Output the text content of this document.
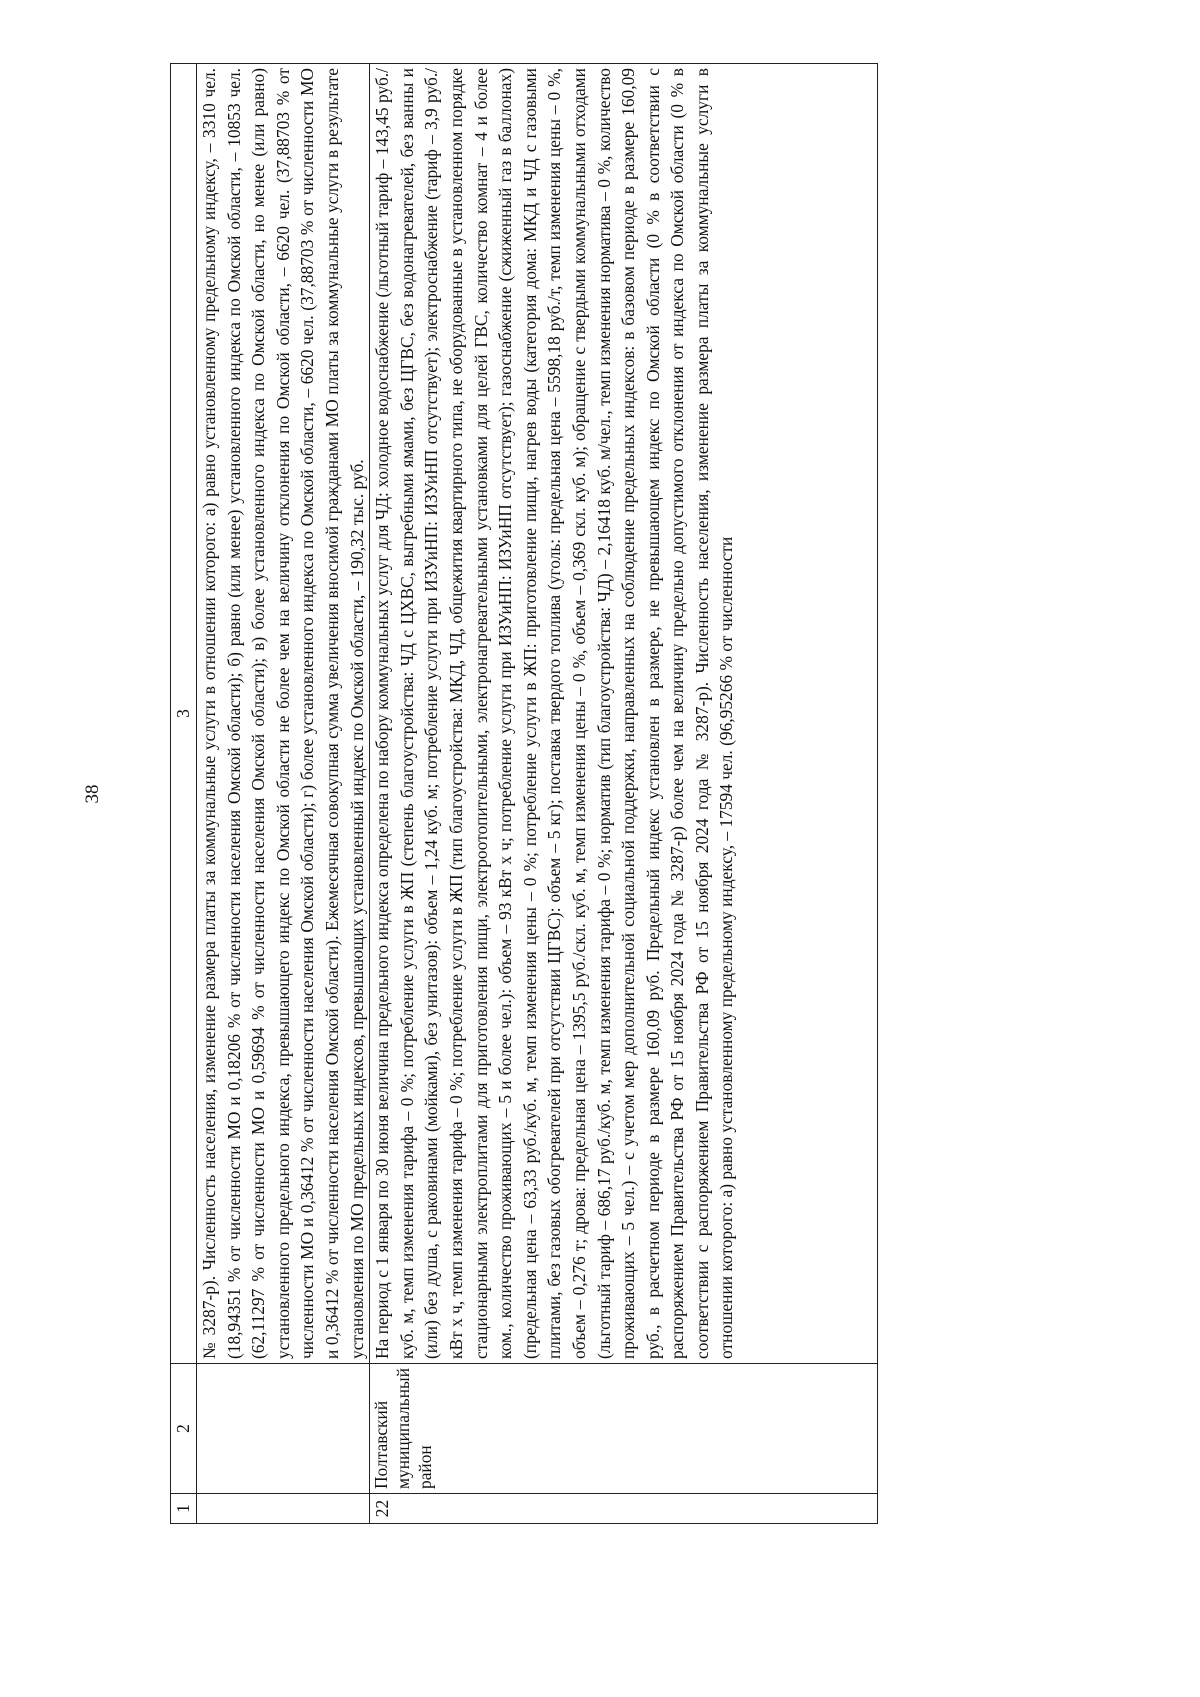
38
1	2	3

		№ 3287-р). Численность населения, изменение размера платы за коммунальные услуги в отношении которого: а) равно установленному предельному индексу, – 3310 чел. (18,94351 % от численности МО и 0,18206 % от численности населения Омской области); б) равно (или менее) установленного индекса по Омской области, – 10853 чел. (62,11297 % от численности МО и 0,59694 % от численности населения Омской области); в) более установленного индекса по Омской области, но менее (или равно) установленного предельного индекса, превышающего индекс по Омской области не более чем на величину отклонения по Омской области, – 6620 чел. (37,88703 % от численности МО и 0,36412 % от численности населения Омской области); г) более установленного индекса по Омской области, – 6620 чел. (37,88703 % от численности МО и 0,36412 % от численности населения Омской области). Ежемесячная совокупная сумма увеличения вносимой гражданами МО платы за коммунальные услуги в результате установления по МО предельных индексов, превышающих установленный индекс по Омской области, – 190,32 тыс. руб.

22	Полтавский муниципальный район	На период с 1 января по 30 июня величина предельного индекса определена по набору коммунальных услуг для ЧД: холодное водоснабжение (льготный тариф – 143,45 руб./куб. м, темп изменения тарифа – 0 %; потребление услуги в ЖП (степень благоустройства: ЧД с ЦХВС, выгребными ямами, без ЦГВС, без водонагревателей, без ванны и (или) без душа, с раковинами (мойками), без унитазов): объем – 1,24 куб. м; потребление услуги при ИЗУиНП: ИЗУиНП отсутствует); электроснабжение (тариф – 3,9 руб./кВт х ч, темп изменения тарифа – 0 %; потребление услуги в ЖП (тип благоустройства: МКД, ЧД, общежития квартирного типа, не оборудованные в установленном порядке стационарными электроплитами для приготовления пищи, электроотопительными, электронагревательными установками для целей ГВС, количество комнат – 4 и более ком., количество проживающих – 5 и более чел.): объем – 93 кВт х ч; потребление услуги при ИЗУиНП: ИЗУиНП отсутствует); газоснабжение (сжиженный газ в баллонах) (предельная цена – 63,33 руб./куб. м, темп изменения цены – 0 %; потребление услуги в ЖП: приготовление пищи, нагрев воды (категория дома: МКД и ЧД с газовыми плитами, без газовых обогревателей при отсутствии ЦГВС): объем – 5 кг); поставка твердого топлива (уголь: предельная цена – 5598,18 руб./т, темп изменения цены – 0 %, объем – 0,276 т; дрова: предельная цена – 1395,5 руб./скл. куб. м, темп изменения цены – 0 %, объем – 0,369 скл. куб. м); обращение с твердыми коммунальными отходами (льготный тариф – 686,17 руб./куб. м, темп изменения тарифа – 0 %; норматив (тип благоустройства: ЧД) – 2,16418 куб. м/чел., темп изменения норматива – 0 %, количество проживающих – 5 чел.) – с учетом мер дополнительной социальной поддержки, направленных на соблюдение предельных индексов: в базовом периоде в размере 160,09 руб., в расчетном периоде в размере 160,09 руб. Предельный индекс установлен в размере, не превышающем индекс по Омской области (0 % в соответствии с распоряжением Правительства РФ от 15 ноября 2024 года № 3287-р) более чем на величину предельно допустимого отклонения от индекса по Омской области (0 % в соответствии с распоряжением Правительства РФ от 15 ноября 2024 года № 3287-р). Численность населения, изменение размера платы за коммунальные услуги в отношении которого: а) равно установленному предельному индексу, – 17594 чел. (96,95266 % от численности
